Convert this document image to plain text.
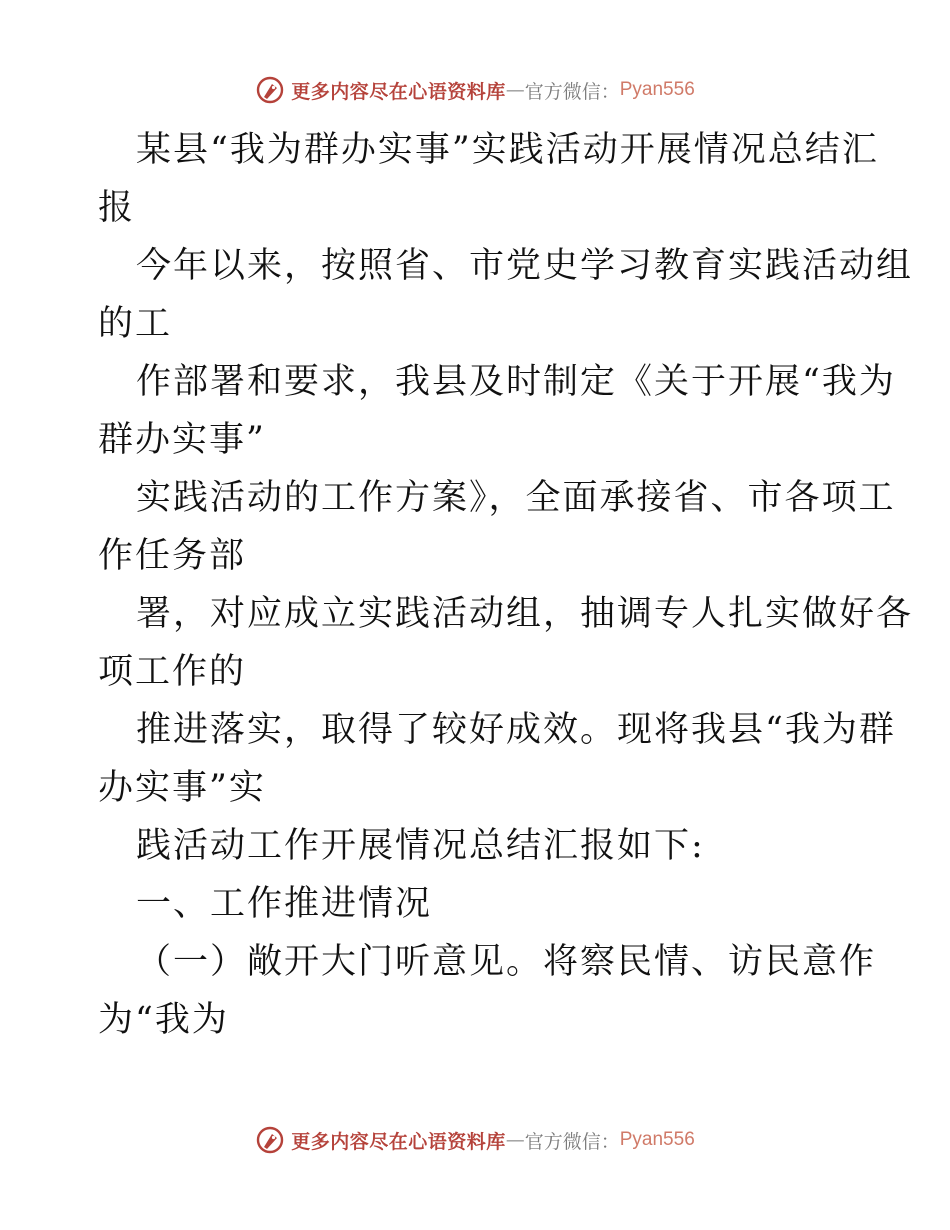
更多内容尽在心语资料库 — 官方微信： Pyan556
某县“我为群办实事”实践活动开展情况总结汇
报
今年以来，按照省、市党史学习教育实践活动组
的工
作部署和要求，我县及时制定《关于开展“我为
群办实事”
实践活动的工作方案》，全面承接省、市各项工
作任务部
署，对应成立实践活动组，抽调专人扎实做好各
项工作的
推进落实，取得了较好成效。现将我县“我为群
办实事”实
践活动工作开展情况总结汇报如下:
一、工作推进情况
（一）敞开大门听意见。将察民情、访民意作
为“我为
更多内容尽在心语资料库 — 官方微信： Pyan556
